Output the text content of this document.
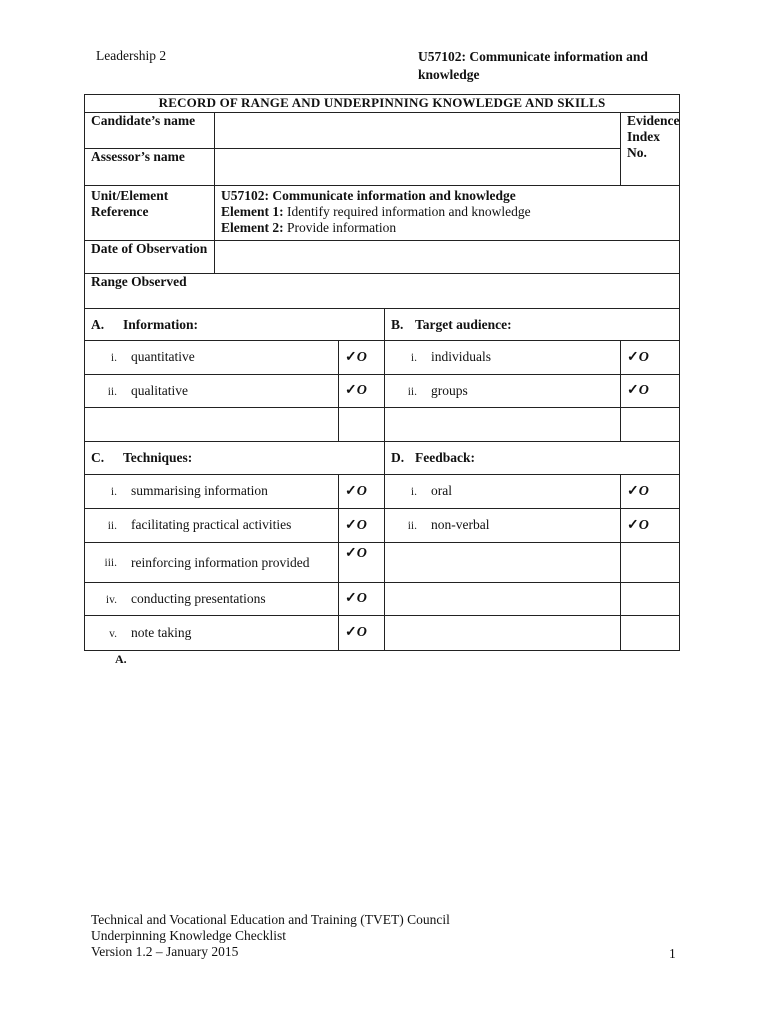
Leadership 2	U57102: Communicate information and knowledge
RECORD OF RANGE AND UNDERPINNING KNOWLEDGE AND SKILLS				
Candidate’s name				Evidence Index No.
Assessor’s name				
Unit/Element Reference	U57102: Communicate information and knowledge
Element 1: Identify required information and knowledge
Element 2: Provide information			

Date of Observation				
Range Observed				
A. Information:			B. Target audience:	
i. quantitative		✓O	i. individuals	✓O
ii. qualitative		✓O	ii. groups	✓O

C. Techniques:			D. Feedback:	
i. summarising information		✓O	i. oral	✓O
ii. facilitating practical activities		✓O	ii. non-verbal	✓O

iii. reinforcing information provided		✓O		
iv. conducting presentations		✓O		
v. note taking		✓O		
A.
Technical and Vocational Education and Training (TVET) Council
Underpinning Knowledge Checklist
Version 1.2 – January 2015	1
